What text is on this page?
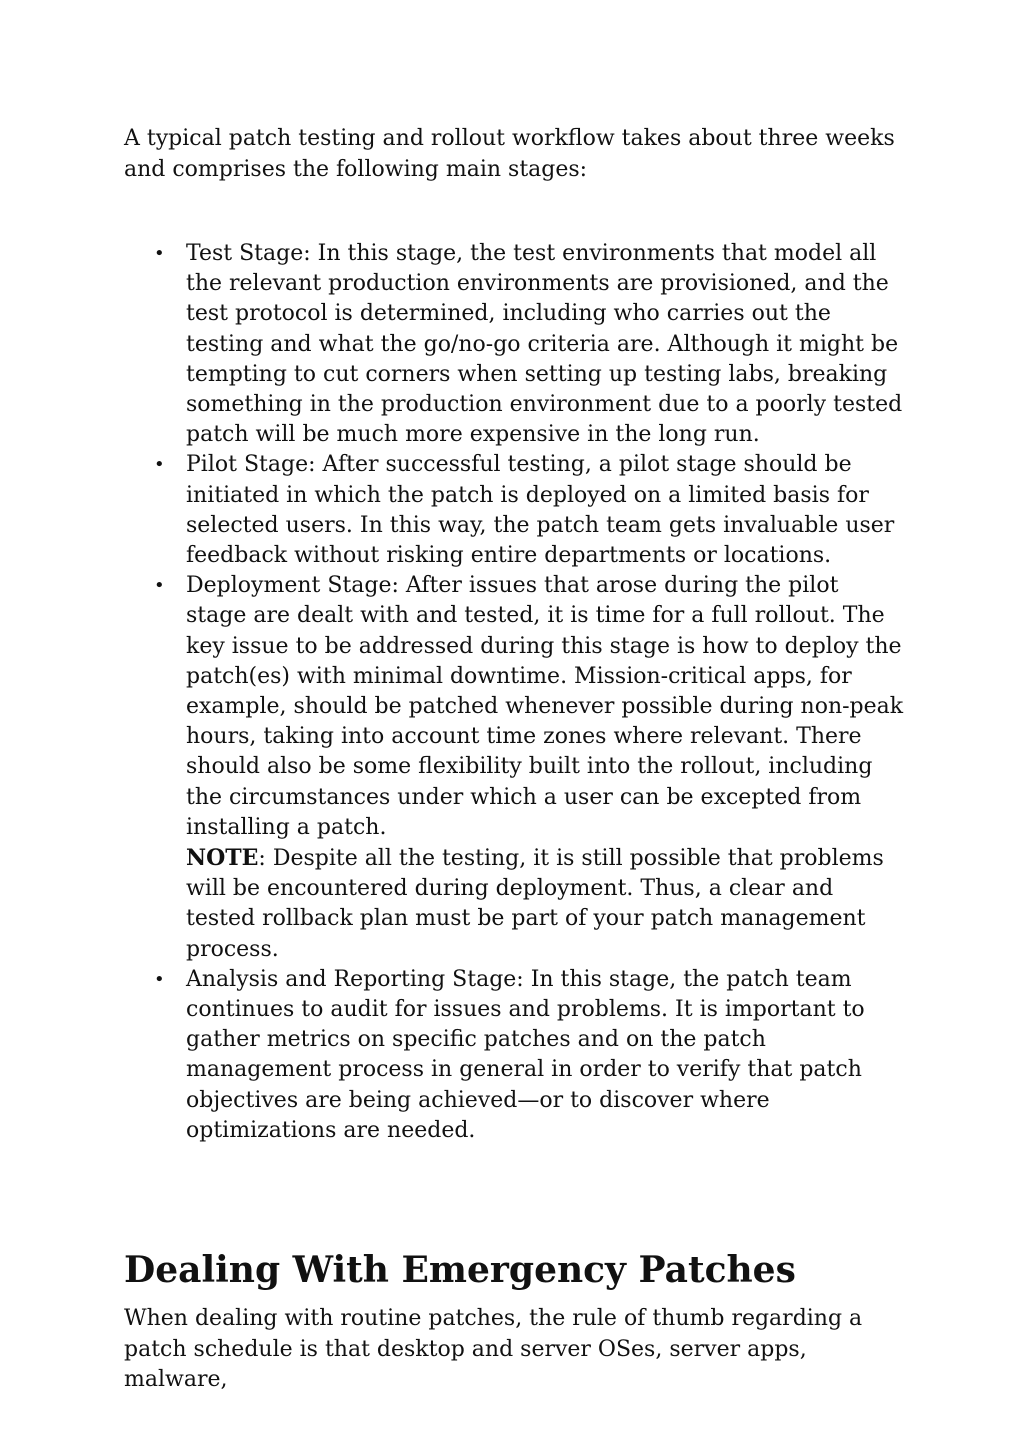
A typical patch testing and rollout workflow takes about three weeks and comprises the following main stages:

• Test Stage: In this stage, the test environments that model all the relevant production environments are provisioned, and the test protocol is determined, including who carries out the testing and what the go/no-go criteria are. Although it might be tempting to cut corners when setting up testing labs, breaking something in the production environment due to a poorly tested patch will be much more expensive in the long run.
• Pilot Stage: After successful testing, a pilot stage should be initiated in which the patch is deployed on a limited basis for selected users. In this way, the patch team gets invaluable user feedback without risking entire departments or locations.
• Deployment Stage: After issues that arose during the pilot stage are dealt with and tested, it is time for a full rollout. The key issue to be addressed during this stage is how to deploy the patch(es) with minimal downtime. Mission-critical apps, for example, should be patched whenever possible during non-peak hours, taking into account time zones where relevant. There should also be some flexibility built into the rollout, including the circumstances under which a user can be excepted from installing a patch.
NOTE: Despite all the testing, it is still possible that problems will be encountered during deployment. Thus, a clear and tested rollback plan must be part of your patch management process.
• Analysis and Reporting Stage: In this stage, the patch team continues to audit for issues and problems. It is important to gather metrics on specific patches and on the patch management process in general in order to verify that patch objectives are being achieved—or to discover where optimizations are needed.
Dealing With Emergency Patches

When dealing with routine patches, the rule of thumb regarding a patch schedule is that desktop and server OSes, server apps, malware,
